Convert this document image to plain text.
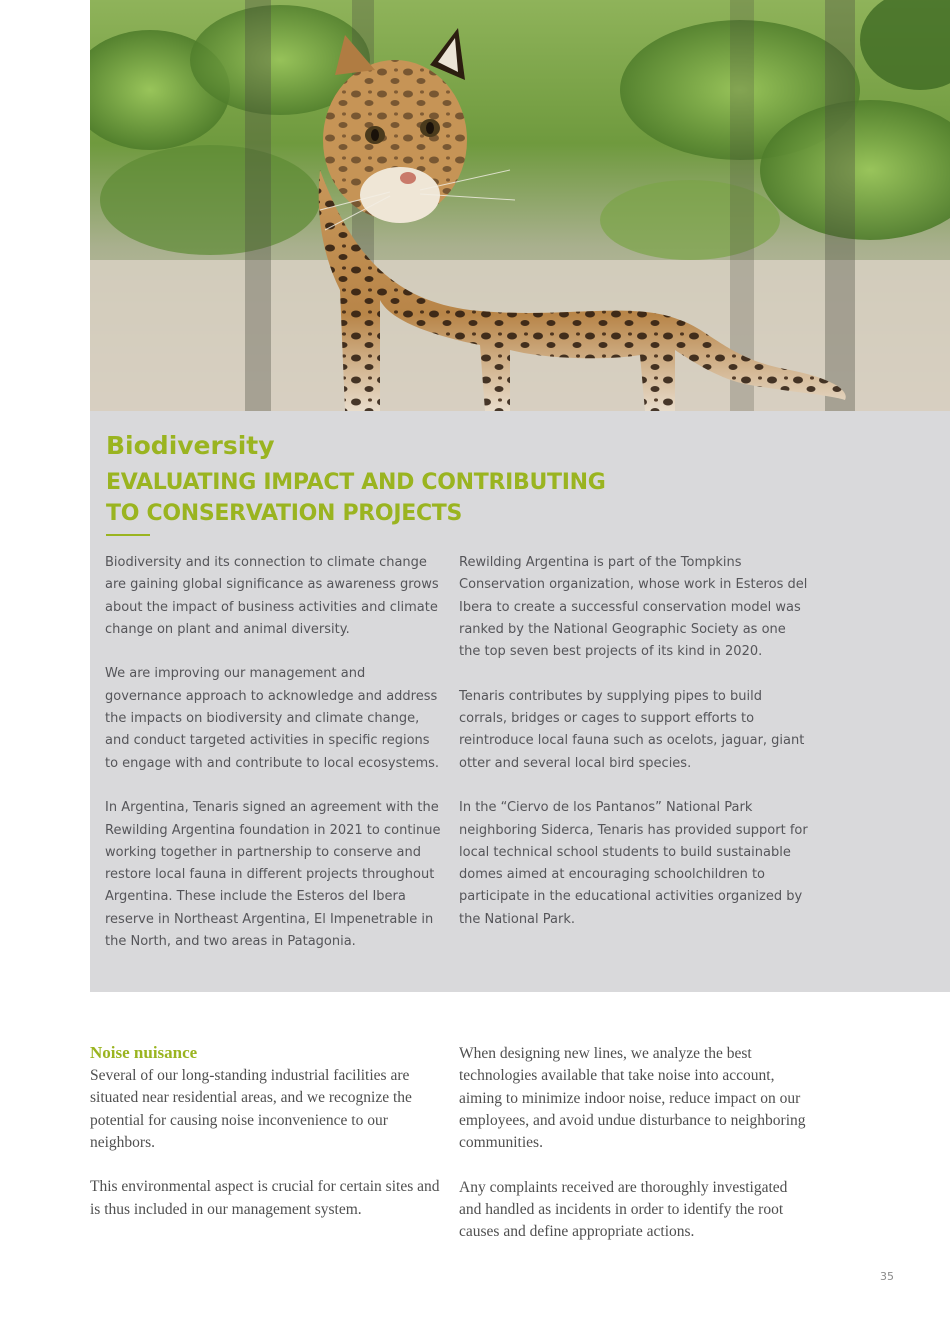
Biodiversity
EVALUATING IMPACT AND CONTRIBUTING TO CONSERVATION PROJECTS

Biodiversity and its connection to climate change are gaining global significance as awareness grows about the impact of business activities and climate change on plant and animal diversity.

We are improving our management and governance approach to acknowledge and address the impacts on biodiversity and climate change, and conduct targeted activities in specific regions to engage with and contribute to local ecosystems.

In Argentina, Tenaris signed an agreement with the Rewilding Argentina foundation in 2021 to continue working together in partnership to conserve and restore local fauna in different projects throughout Argentina. These include the Esteros del Ibera reserve in Northeast Argentina, El Impenetrable in the North, and two areas in Patagonia.

Rewilding Argentina is part of the Tompkins Conservation organization, whose work in Esteros del Ibera to create a successful conservation model was ranked by the National Geographic Society as one the top seven best projects of its kind in 2020.

Tenaris contributes by supplying pipes to build corrals, bridges or cages to support efforts to reintroduce local fauna such as ocelots, jaguar, giant otter and several local bird species.

In the “Ciervo de los Pantanos” National Park neighboring Siderca, Tenaris has provided support for local technical school students to build sustainable domes aimed at encouraging schoolchildren to participate in the educational activities organized by the National Park.

Noise nuisance

Several of our long-standing industrial facilities are situated near residential areas, and we recognize the potential for causing noise inconvenience to our neighbors.

This environmental aspect is crucial for certain sites and is thus included in our management system.

When designing new lines, we analyze the best technologies available that take noise into account, aiming to minimize indoor noise, reduce impact on our employees, and avoid undue disturbance to neighboring communities.

Any complaints received are thoroughly investigated and handled as incidents in order to identify the root causes and define appropriate actions.

35
